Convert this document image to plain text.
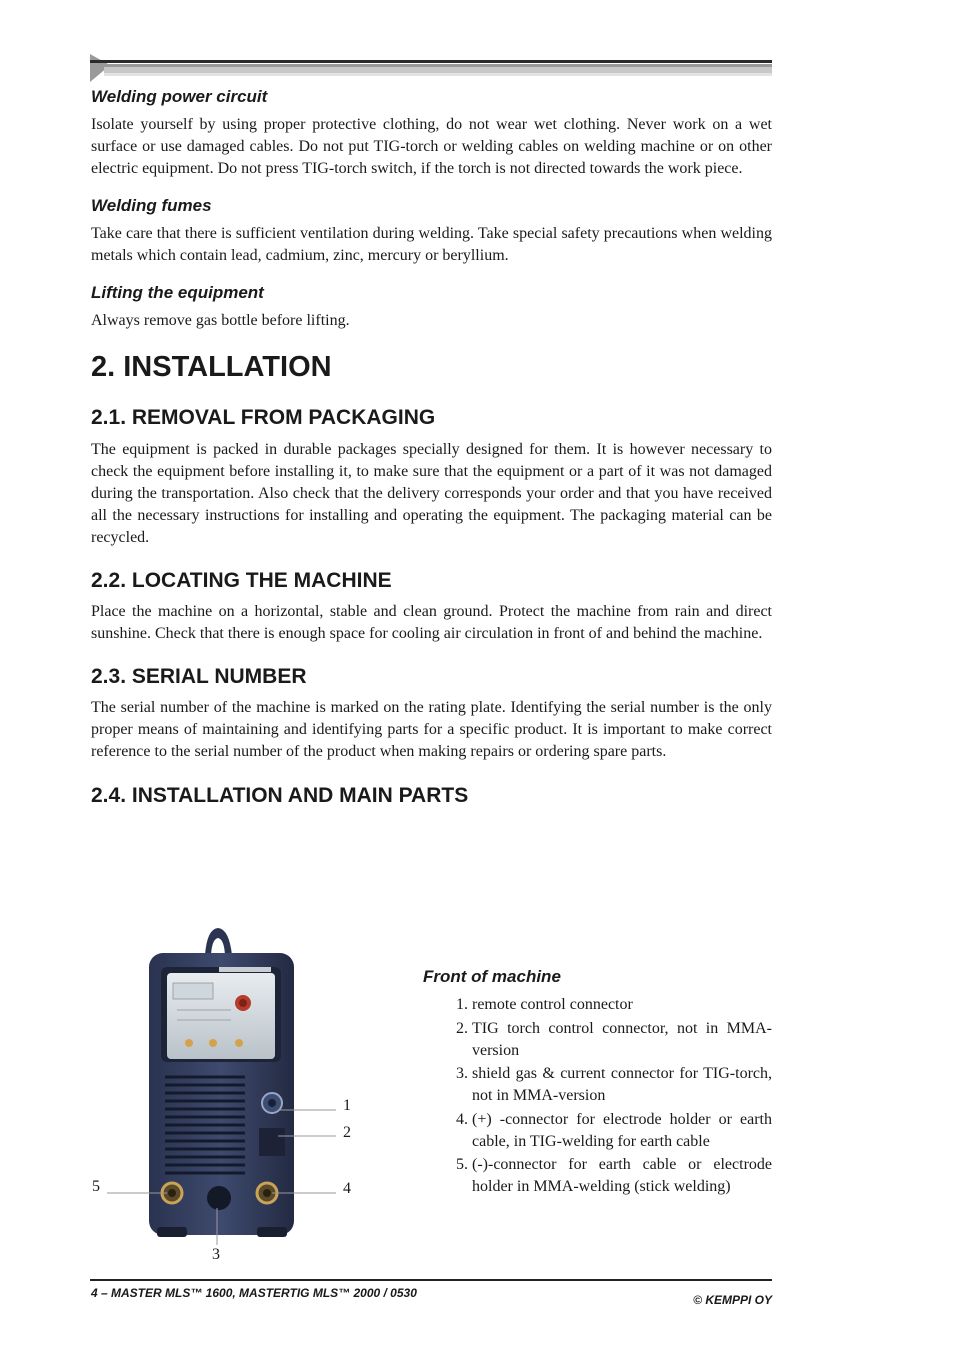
Welding power circuit

Isolate yourself by using proper protective clothing, do not wear wet clothing. Never work on a wet surface or use damaged cables. Do not put TIG-torch or welding cables on welding machine or on other electric equipment. Do not press TIG-torch switch, if the torch is not directed towards the work piece.

Welding fumes

Take care that there is sufficient ventilation during welding. Take special safety precautions when welding metals which contain lead, cadmium, zinc, mercury or beryllium.

Lifting the equipment

Always remove gas bottle before lifting.

2. INSTALLATION
2.1. REMOVAL FROM PACKAGING

The equipment is packed in durable packages specially designed for them. It is however necessary to check the equipment before installing it, to make sure that the equipment or a part of it was not damaged during the transportation. Also check that the delivery corresponds your order and that you have received all the necessary instructions for installing and operating the equipment. The packaging material can be recycled.

2.2. LOCATING THE MACHINE

Place the machine on a horizontal, stable and clean ground. Protect the machine from rain and direct sunshine. Check that there is enough space for cooling air circulation in front of and behind the machine.

2.3. SERIAL NUMBER

The serial number of the machine is marked on the rating plate. Identifying the serial number is the only proper means of maintaining and identifying parts for a specific product. It is important to make correct reference to the serial number of the product when making repairs or ordering spare parts.

2.4. INSTALLATION AND MAIN PARTS
1
2
3
4
5

Front of machine

1. remote control connector
2. TIG torch control connector, not in MMA-version
3. shield gas & current connector for TIG-torch, not in MMA-version
4. (+) -connector for electrode holder or earth cable, in TIG-welding for earth cable
5. (-)-connector for earth cable or electrode holder in MMA-welding (stick welding)
4 – MASTER MLS™ 1600, MASTERTIG MLS™ 2000 / 0530	© KEMPPI OY
